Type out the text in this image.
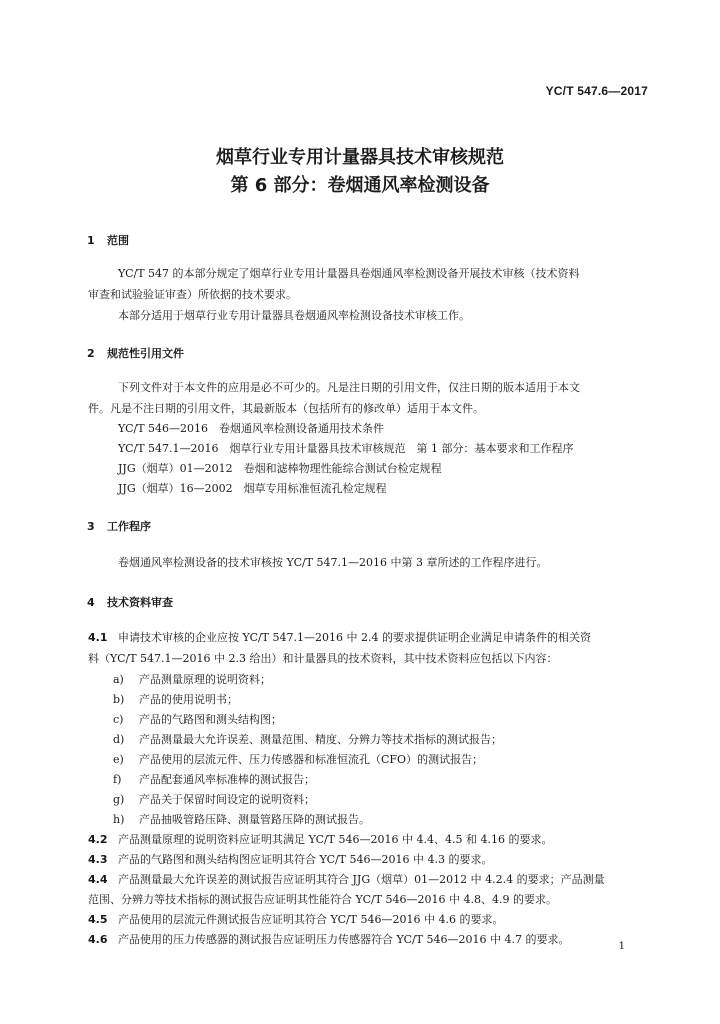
YC/T 547.6—2017
烟草行业专用计量器具技术审核规范
第 6 部分：卷烟通风率检测设备
1 范围
YC/T 547 的本部分规定了烟草行业专用计量器具卷烟通风率检测设备开展技术审核（技术资料
审查和试验验证审查）所依据的技术要求。
本部分适用于烟草行业专用计量器具卷烟通风率检测设备技术审核工作。
2 规范性引用文件
下列文件对于本文件的应用是必不可少的。凡是注日期的引用文件，仅注日期的版本适用于本文
件。凡是不注日期的引用文件，其最新版本（包括所有的修改单）适用于本文件。
YC/T 546—2016　卷烟通风率检测设备通用技术条件
YC/T 547.1—2016　烟草行业专用计量器具技术审核规范　第 1 部分：基本要求和工作程序
JJG（烟草）01—2012　卷烟和滤棒物理性能综合测试台检定规程
JJG（烟草）16—2002　烟草专用标准恒流孔检定规程
3 工作程序
卷烟通风率检测设备的技术审核按 YC/T 547.1—2016 中第 3 章所述的工作程序进行。
4 技术资料审查
4.1 申请技术审核的企业应按 YC/T 547.1—2016 中 2.4 的要求提供证明企业满足申请条件的相关资
料（YC/T 547.1—2016 中 2.3 给出）和计量器具的技术资料，其中技术资料应包括以下内容：
a) 产品测量原理的说明资料；
b) 产品的使用说明书；
c) 产品的气路图和测头结构图；
d) 产品测量最大允许误差、测量范围、精度、分辨力等技术指标的测试报告；
e) 产品使用的层流元件、压力传感器和标准恒流孔（CFO）的测试报告；
f) 产品配套通风率标准棒的测试报告；
g) 产品关于保留时间设定的说明资料；
h) 产品抽吸管路压降、测量管路压降的测试报告。
4.2 产品测量原理的说明资料应证明其满足 YC/T 546—2016 中 4.4、4.5 和 4.16 的要求。
4.3 产品的气路图和测头结构图应证明其符合 YC/T 546—2016 中 4.3 的要求。
4.4 产品测量最大允许误差的测试报告应证明其符合 JJG（烟草）01—2012 中 4.2.4 的要求；产品测量
范围、分辨力等技术指标的测试报告应证明其性能符合 YC/T 546—2016 中 4.8、4.9 的要求。
4.5 产品使用的层流元件测试报告应证明其符合 YC/T 546—2016 中 4.6 的要求。
4.6 产品使用的压力传感器的测试报告应证明压力传感器符合 YC/T 546—2016 中 4.7 的要求。
1
